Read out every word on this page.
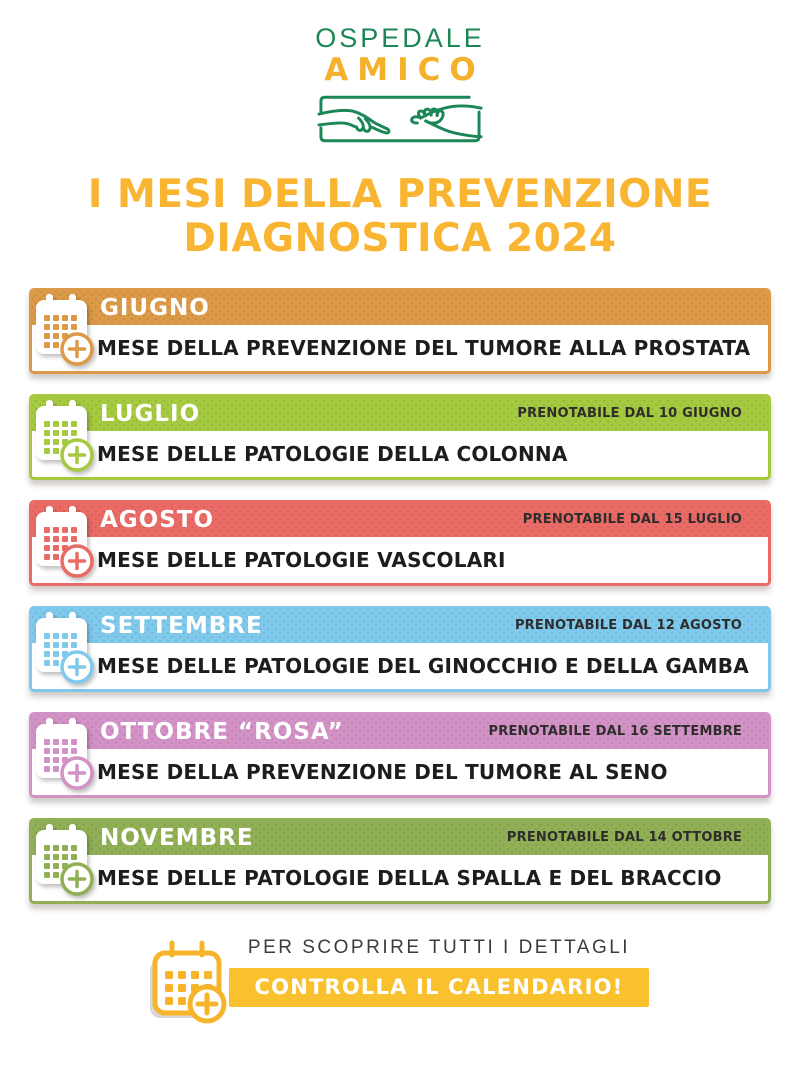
OSPEDALE
AMICO
I MESI DELLA PREVENZIONE
DIAGNOSTICA 2024
GIUGNO
MESE DELLA PREVENZIONE DEL TUMORE ALLA PROSTATA
LUGLIO	PRENOTABILE DAL 10 GIUGNO
MESE DELLE PATOLOGIE DELLA COLONNA
AGOSTO	PRENOTABILE DAL 15 LUGLIO
MESE DELLE PATOLOGIE VASCOLARI
SETTEMBRE	PRENOTABILE DAL 12 AGOSTO
MESE DELLE PATOLOGIE DEL GINOCCHIO E DELLA GAMBA
OTTOBRE “ROSA”	PRENOTABILE DAL 16 SETTEMBRE
MESE DELLA PREVENZIONE DEL TUMORE AL SENO
NOVEMBRE	PRENOTABILE DAL 14 OTTOBRE
MESE DELLE PATOLOGIE DELLA SPALLA E DEL BRACCIO
PER SCOPRIRE TUTTI I DETTAGLI
CONTROLLA IL CALENDARIO!
